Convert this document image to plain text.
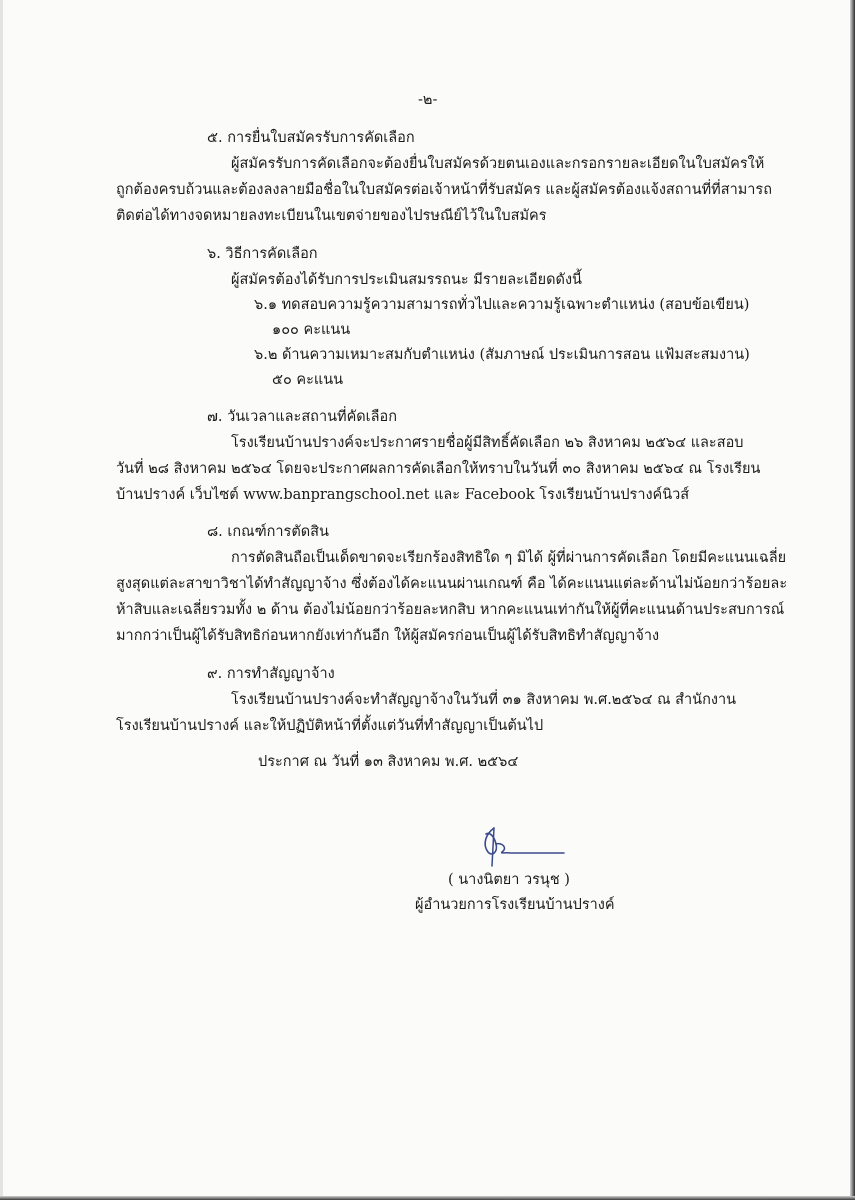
-๒-
๕. การยื่นใบสมัครรับการคัดเลือก
ผู้สมัครรับการคัดเลือกจะต้องยื่นใบสมัครด้วยตนเองและกรอกรายละเอียดในใบสมัครให้
ถูกต้องครบถ้วนและต้องลงลายมือชื่อในใบสมัครต่อเจ้าหน้าที่รับสมัคร และผู้สมัครต้องแจ้งสถานที่ที่สามารถ
ติดต่อได้ทางจดหมายลงทะเบียนในเขตจ่ายของไปรษณีย์ไว้ในใบสมัคร
๖. วิธีการคัดเลือก
ผู้สมัครต้องได้รับการประเมินสมรรถนะ มีรายละเอียดดังนี้
๖.๑ ทดสอบความรู้ความสามารถทั่วไปและความรู้เฉพาะตำแหน่ง (สอบข้อเขียน)
๑๐๐ คะแนน
๖.๒ ด้านความเหมาะสมกับตำแหน่ง (สัมภาษณ์ ประเมินการสอน แฟ้มสะสมงาน)
๕๐ คะแนน
๗. วันเวลาและสถานที่คัดเลือก
โรงเรียนบ้านปรางค์จะประกาศรายชื่อผู้มีสิทธิ์คัดเลือก ๒๖ สิงหาคม ๒๕๖๔ และสอบ
วันที่ ๒๘ สิงหาคม ๒๕๖๔ โดยจะประกาศผลการคัดเลือกให้ทราบในวันที่ ๓๐ สิงหาคม ๒๕๖๔ ณ โรงเรียน
บ้านปรางค์ เว็บไซต์ www.banprangschool.net และ Facebook โรงเรียนบ้านปรางค์นิวส์
๘. เกณฑ์การตัดสิน
การตัดสินถือเป็นเด็ดขาดจะเรียกร้องสิทธิใด ๆ มิได้ ผู้ที่ผ่านการคัดเลือก โดยมีคะแนนเฉลี่ย
สูงสุดแต่ละสาขาวิชาได้ทำสัญญาจ้าง ซึ่งต้องได้คะแนนผ่านเกณฑ์ คือ ได้คะแนนแต่ละด้านไม่น้อยกว่าร้อยละ
ห้าสิบและเฉลี่ยรวมทั้ง ๒ ด้าน ต้องไม่น้อยกว่าร้อยละหกสิบ หากคะแนนเท่ากันให้ผู้ที่คะแนนด้านประสบการณ์
มากกว่าเป็นผู้ได้รับสิทธิก่อนหากยังเท่ากันอีก ให้ผู้สมัครก่อนเป็นผู้ได้รับสิทธิทำสัญญาจ้าง
๙. การทำสัญญาจ้าง
โรงเรียนบ้านปรางค์จะทำสัญญาจ้างในวันที่ ๓๑ สิงหาคม พ.ศ.๒๕๖๔ ณ สำนักงาน
โรงเรียนบ้านปรางค์ และให้ปฏิบัติหน้าที่ตั้งแต่วันที่ทำสัญญาเป็นต้นไป
ประกาศ ณ วันที่ ๑๓ สิงหาคม พ.ศ. ๒๕๖๔
( นางนิตยา วรนุช )
ผู้อำนวยการโรงเรียนบ้านปรางค์
